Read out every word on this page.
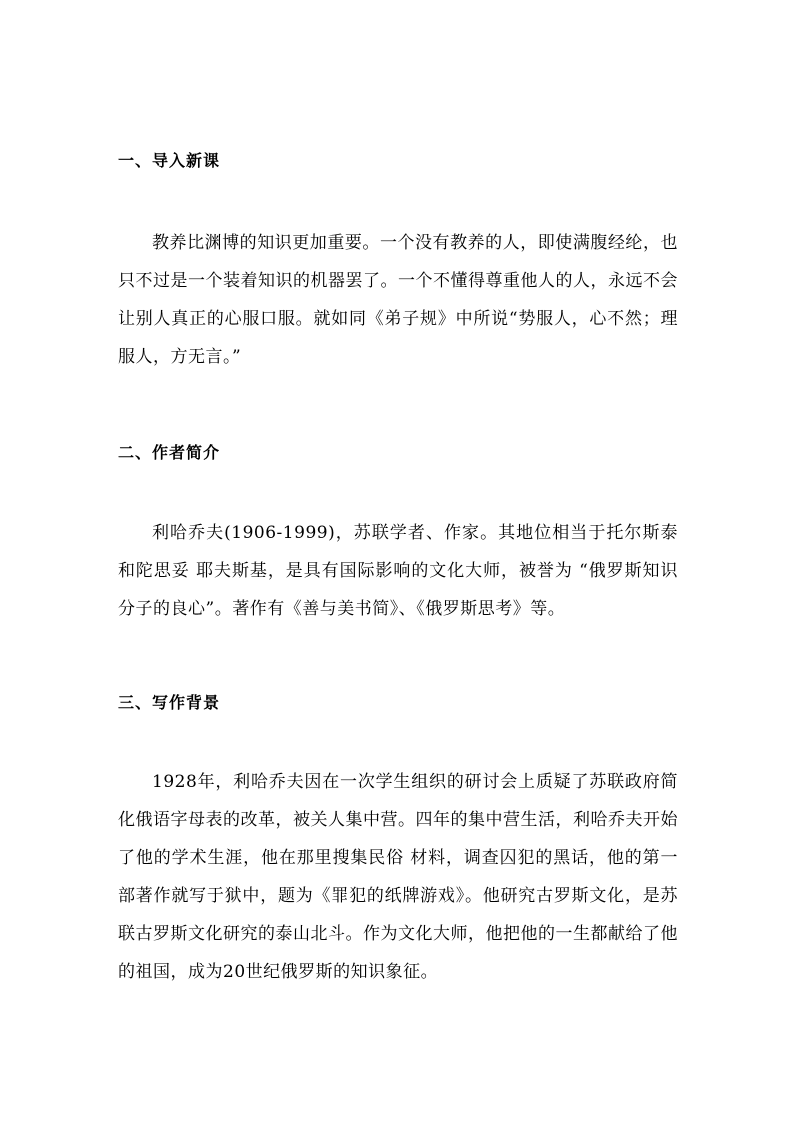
一、导入新课
教养比渊博的知识更加重要。一个没有教养的人，即使满腹经纶，也只不过是一个装着知识的机器罢了。一个不懂得尊重他人的人，永远不会让别人真正的心服口服。就如同《弟子规》中所说“势服人，心不然；理服人，方无言。”
二、作者简介
利哈乔夫(1906-1999)，苏联学者、作家。其地位相当于托尔斯泰和陀思妥 耶夫斯基，是具有国际影响的文化大师，被誉为 “俄罗斯知识分子的良心”。著作有《善与美书简》、《俄罗斯思考》等。
三、写作背景
1928年，利哈乔夫因在一次学生组织的研讨会上质疑了苏联政府简化俄语字母表的改革，被关人集中营。四年的集中营生活，利哈乔夫开始了他的学术生涯，他在那里搜集民俗 材料，调查囚犯的黑话，他的第一部著作就写于狱中，题为《罪犯的纸牌游戏》。他研究古罗斯文化，是苏联古罗斯文化研究的泰山北斗。作为文化大师，他把他的一生都献给了他的祖国，成为20世纪俄罗斯的知识象征。
